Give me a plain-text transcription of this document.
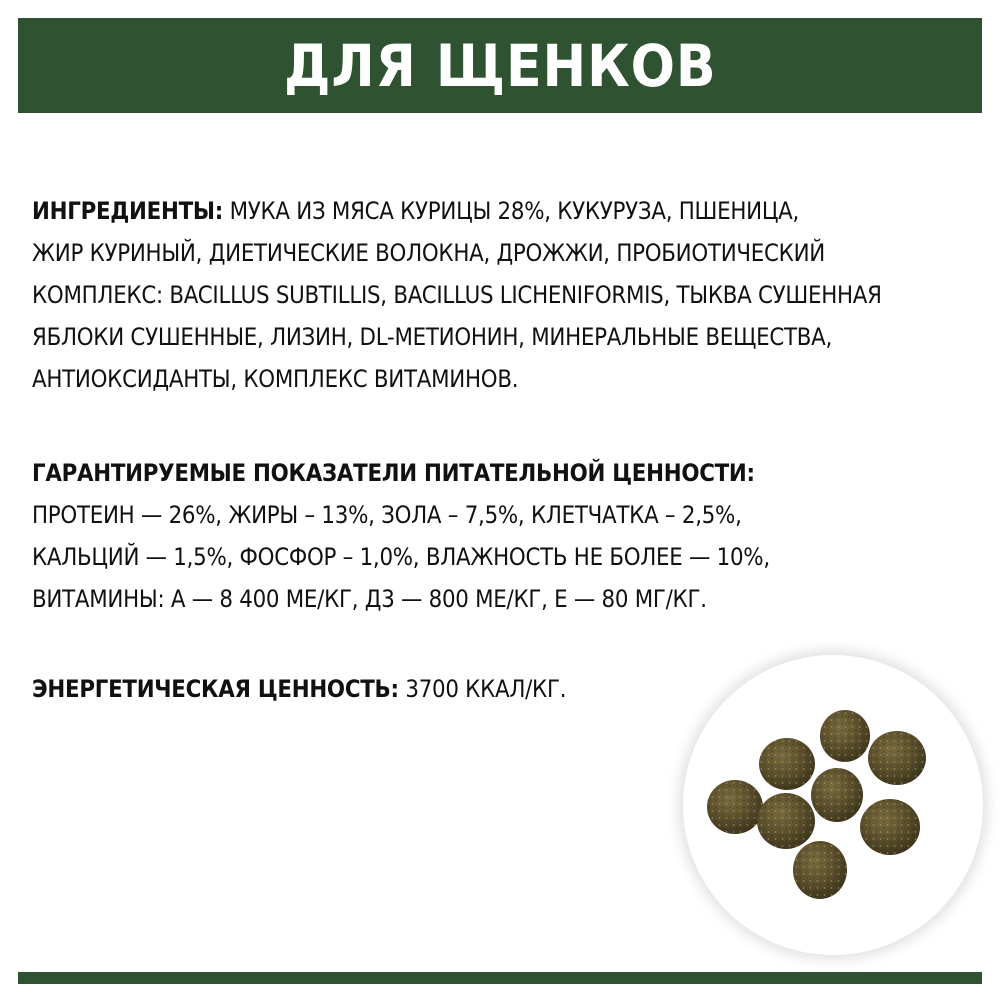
ДЛЯ ЩЕНКОВ
ИНГРЕДИЕНТЫ: МУКА ИЗ МЯСА КУРИЦЫ 28%, КУКУРУЗА, ПШЕНИЦА,
ЖИР КУРИНЫЙ, ДИЕТИЧЕСКИЕ ВОЛОКНА, ДРОЖЖИ, ПРОБИОТИЧЕСКИЙ
КОМПЛЕКС: BACILLUS SUBTILLIS, BACILLUS LICHENIFORMIS, ТЫКВА СУШЕННАЯ
ЯБЛОКИ СУШЕННЫЕ, ЛИЗИН, DL-МЕТИОНИН, МИНЕРАЛЬНЫЕ ВЕЩЕСТВА,
АНТИОКСИДАНТЫ, КОМПЛЕКС ВИТАМИНОВ.
ГАРАНТИРУЕМЫЕ ПОКАЗАТЕЛИ ПИТАТЕЛЬНОЙ ЦЕННОСТИ:
ПРОТЕИН — 26%, ЖИРЫ – 13%, ЗОЛА – 7,5%, КЛЕТЧАТКА – 2,5%,
КАЛЬЦИЙ — 1,5%, ФОСФОР – 1,0%, ВЛАЖНОСТЬ НЕ БОЛЕЕ — 10%,
ВИТАМИНЫ: А — 8 400 МЕ/КГ, Д3 — 800 МЕ/КГ, Е — 80 МГ/КГ.
ЭНЕРГЕТИЧЕСКАЯ ЦЕННОСТЬ: 3700 ККАЛ/КГ.
